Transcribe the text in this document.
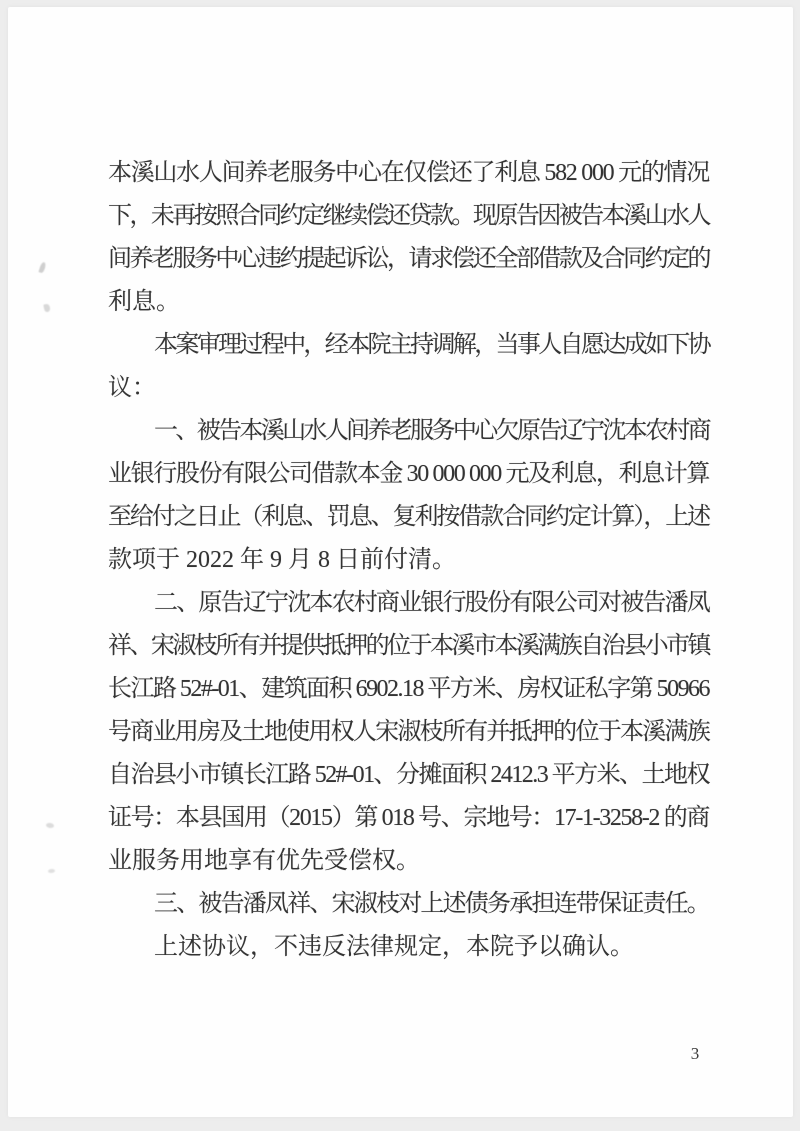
本溪山水人间养老服务中心在仅偿还了利息 582 000 元的情况
下，未再按照合同约定继续偿还贷款。现原告因被告本溪山水人
间养老服务中心违约提起诉讼，请求偿还全部借款及合同约定的
利息。
本案审理过程中，经本院主持调解，当事人自愿达成如下协
议：
一、被告本溪山水人间养老服务中心欠原告辽宁沈本农村商
业银行股份有限公司借款本金 30 000 000 元及利息，利息计算
至给付之日止（利息、罚息、复利按借款合同约定计算），上述
款项于 2022 年 9 月 8 日前付清。
二、原告辽宁沈本农村商业银行股份有限公司对被告潘凤
祥、宋淑枝所有并提供抵押的位于本溪市本溪满族自治县小市镇
长江路 52#-01、建筑面积 6902.18 平方米、房权证私字第 50966
号商业用房及土地使用权人宋淑枝所有并抵押的位于本溪满族
自治县小市镇长江路 52#-01、分摊面积 2412.3 平方米、土地权
证号：本县国用（2015）第 018 号、宗地号：17-1-3258-2 的商
业服务用地享有优先受偿权。
三、被告潘凤祥、宋淑枝对上述债务承担连带保证责任。
上述协议，不违反法律规定，本院予以确认。
3
